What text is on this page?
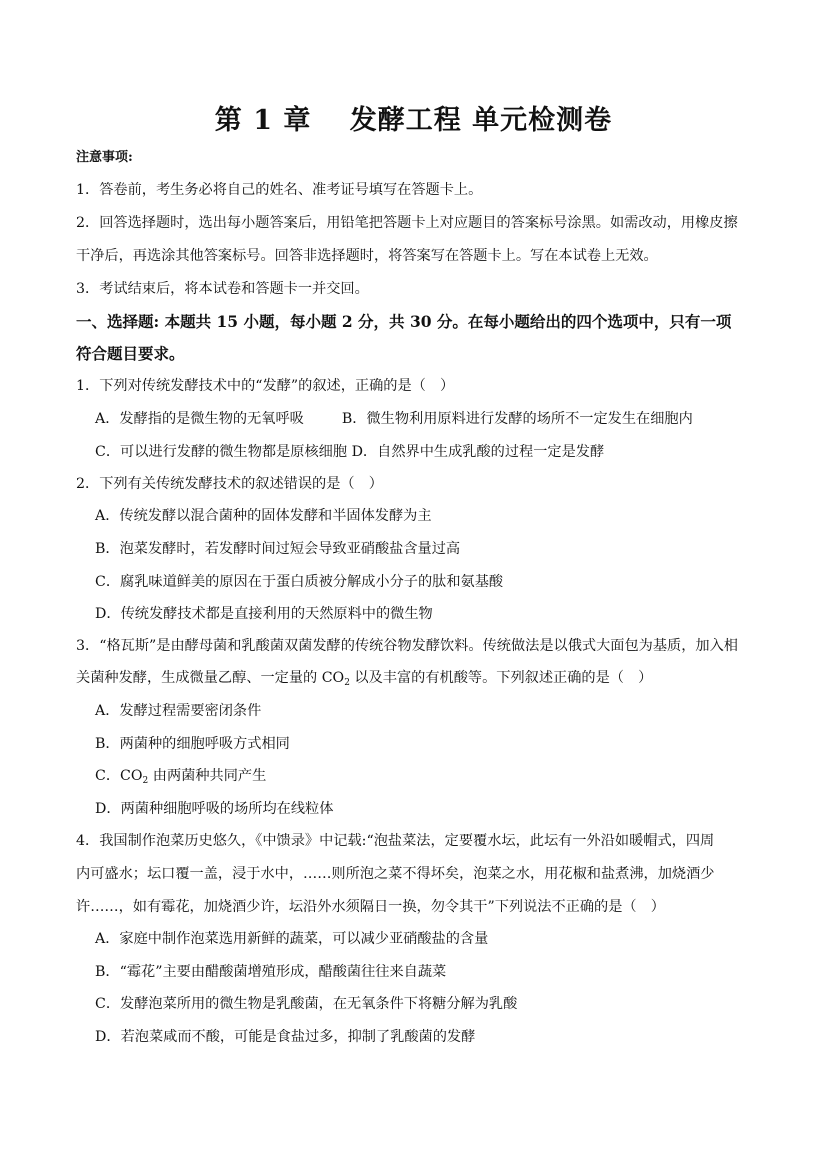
第 1 章　 发酵工程 单元检测卷
注意事项:
1．答卷前，考生务必将自己的姓名、准考证号填写在答题卡上。
2．回答选择题时，选出每小题答案后，用铅笔把答题卡上对应题目的答案标号涂黑。如需改动，用橡皮擦
干净后，再选涂其他答案标号。回答非选择题时，将答案写在答题卡上。写在本试卷上无效。
3．考试结束后，将本试卷和答题卡一并交回。
一、选择题: 本题共 15 小题，每小题 2 分，共 30 分。在每小题给出的四个选项中，只有一项
符合题目要求。
1．下列对传统发酵技术中的“发酵”的叙述，正确的是（　）
A．发酵指的是微生物的无氧呼吸	B．微生物利用原料进行发酵的场所不一定发生在细胞内
C．可以进行发酵的微生物都是原核细胞 D．自然界中生成乳酸的过程一定是发酵
2．下列有关传统发酵技术的叙述错误的是（　）
A．传统发酵以混合菌种的固体发酵和半固体发酵为主
B．泡菜发酵时，若发酵时间过短会导致亚硝酸盐含量过高
C．腐乳味道鲜美的原因在于蛋白质被分解成小分子的肽和氨基酸
D．传统发酵技术都是直接利用的天然原料中的微生物
3．“格瓦斯”是由酵母菌和乳酸菌双菌发酵的传统谷物发酵饮料。传统做法是以俄式大面包为基质，加入相
关菌种发酵，生成微量乙醇、一定量的 $CO_2$ 以及丰富的有机酸等。下列叙述正确的是（　）
A．发酵过程需要密闭条件
B．两菌种的细胞呼吸方式相同
C．$CO_2$ 由两菌种共同产生
D．两菌种细胞呼吸的场所均在线粒体
4．我国制作泡菜历史悠久，《中馈录》中记载:“泡盐菜法，定要覆水坛，此坛有一外沿如暖帽式，四周
内可盛水；坛口覆一盖，浸于水中，……则所泡之菜不得坏矣，泡菜之水，用花椒和盐煮沸，加烧酒少
许……，如有霉花，加烧酒少许，坛沿外水须隔日一换，勿令其干”下列说法不正确的是（　）
A．家庭中制作泡菜选用新鲜的蔬菜，可以减少亚硝酸盐的含量
B．“霉花”主要由醋酸菌增殖形成，醋酸菌往往来自蔬菜
C．发酵泡菜所用的微生物是乳酸菌，在无氧条件下将糖分解为乳酸
D．若泡菜咸而不酸，可能是食盐过多，抑制了乳酸菌的发酵
